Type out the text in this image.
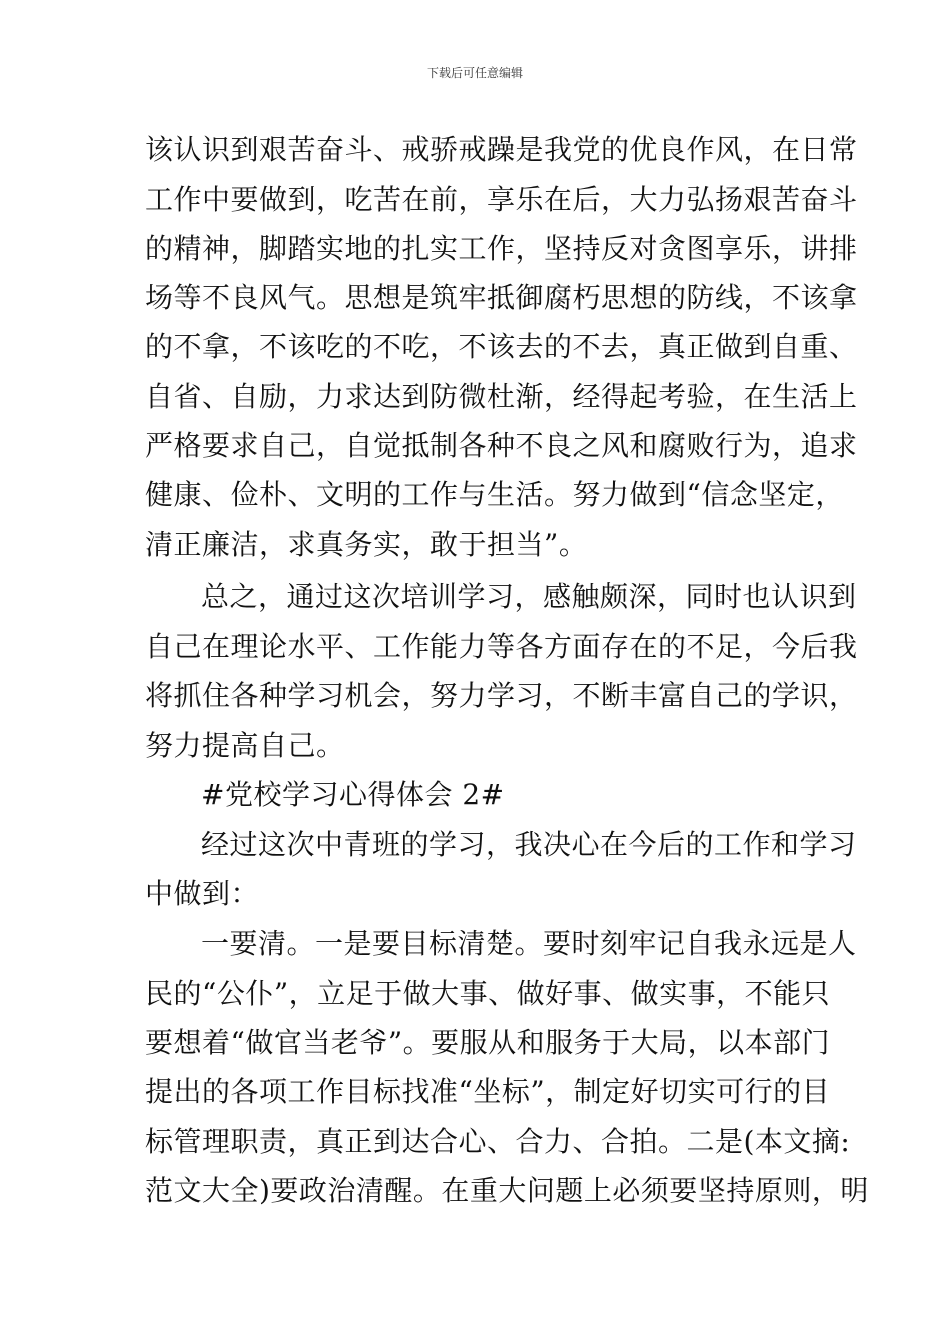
下载后可任意编辑
该认识到艰苦奋斗、戒骄戒躁是我党的优良作风，在日常
工作中要做到，吃苦在前，享乐在后，大力弘扬艰苦奋斗
的精神，脚踏实地的扎实工作，坚持反对贪图享乐，讲排
场等不良风气。思想是筑牢抵御腐朽思想的防线，不该拿
的不拿，不该吃的不吃，不该去的不去，真正做到自重、
自省、自励，力求达到防微杜渐，经得起考验，在生活上
严格要求自己，自觉抵制各种不良之风和腐败行为，追求
健康、俭朴、文明的工作与生活。努力做到“信念坚定，
清正廉洁，求真务实，敢于担当”。
总之，通过这次培训学习，感触颇深，同时也认识到
自己在理论水平、工作能力等各方面存在的不足，今后我
将抓住各种学习机会，努力学习，不断丰富自己的学识，
努力提高自己。
#党校学习心得体会 2#
经过这次中青班的学习，我决心在今后的工作和学习
中做到：
一要清。一是要目标清楚。要时刻牢记自我永远是人
民的“公仆”，立足于做大事、做好事、做实事，不能只
要想着“做官当老爷”。要服从和服务于大局，以本部门
提出的各项工作目标找准“坐标”，制定好切实可行的目
标管理职责，真正到达合心、合力、合拍。二是(本文摘:
范文大全)要政治清醒。在重大问题上必须要坚持原则，明
